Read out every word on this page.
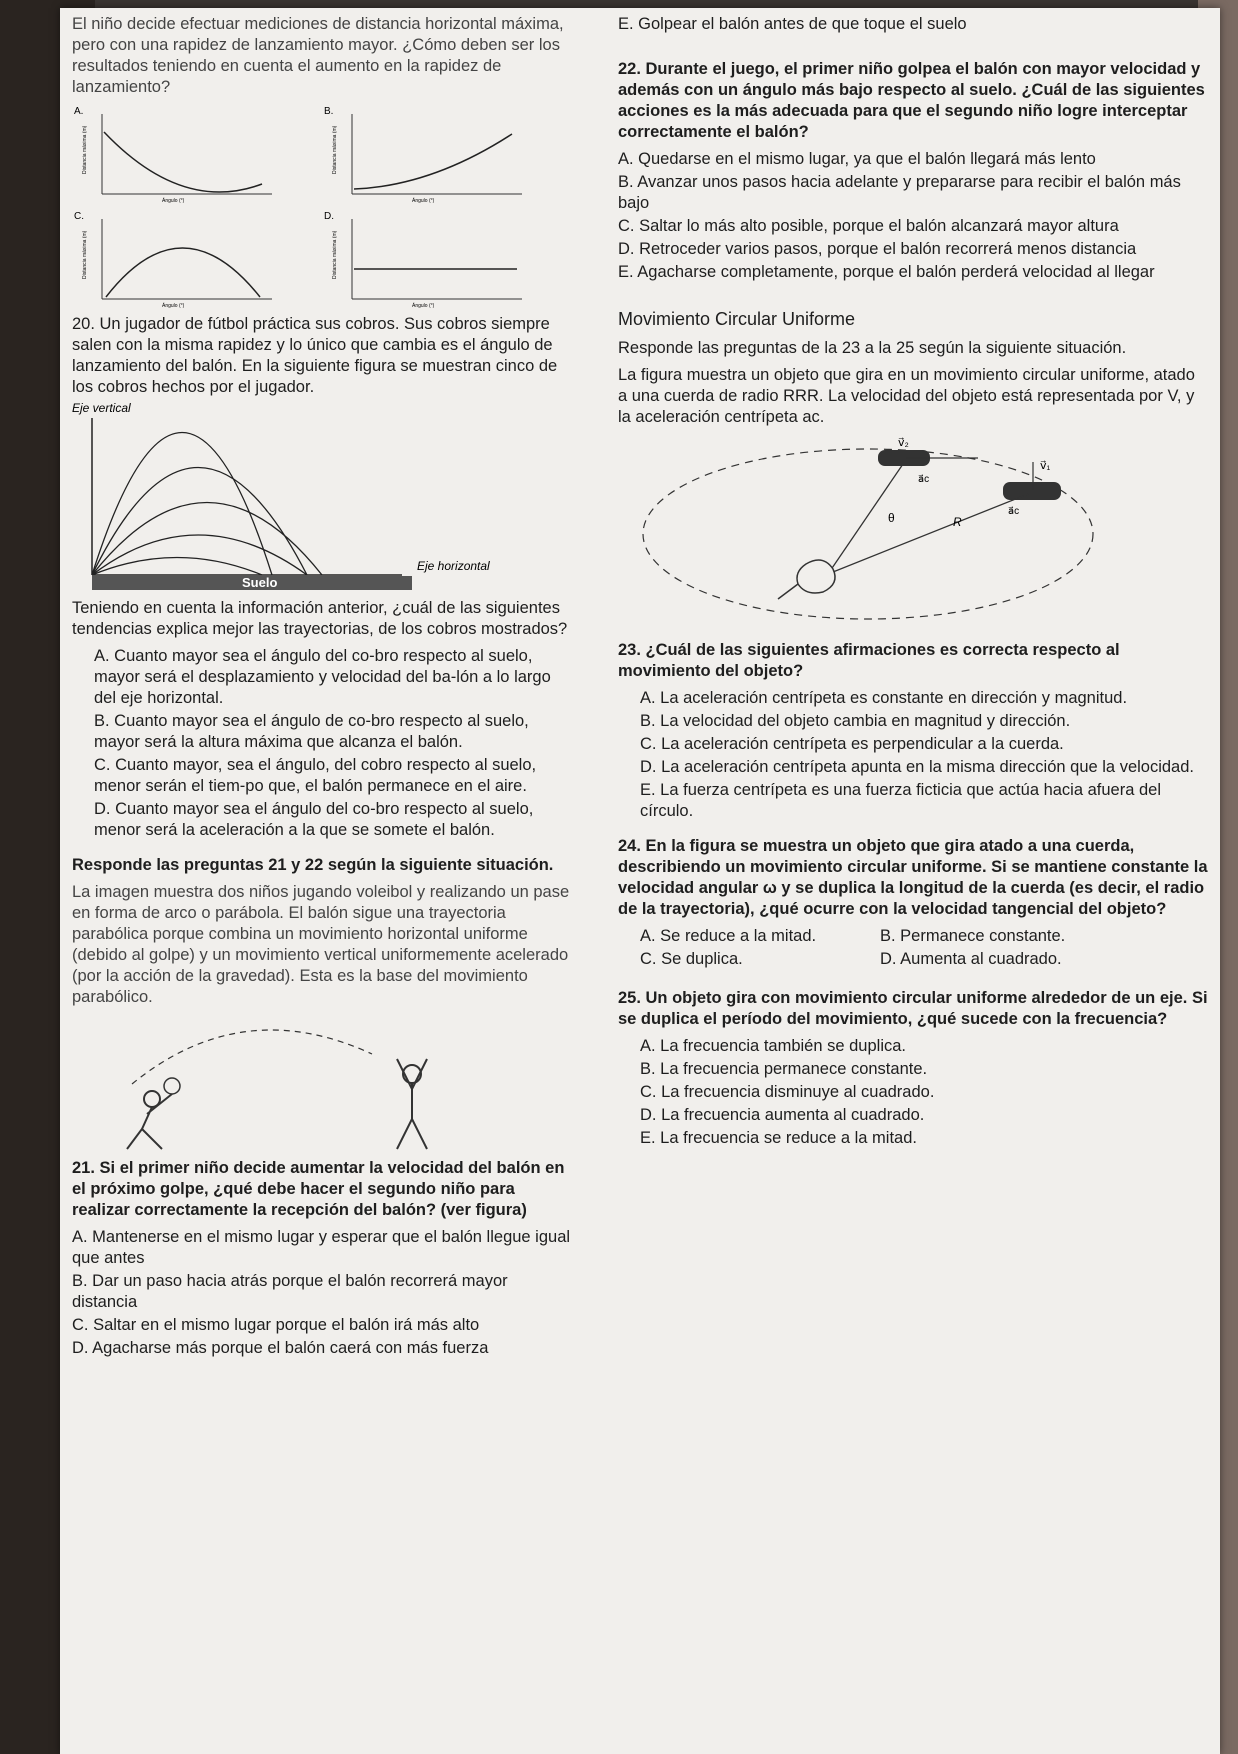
El niño decide efectuar mediciones de distancia horizontal máxima, pero con una rapidez de lanzamiento mayor. ¿Cómo deben ser los resultados teniendo en cuenta el aumento en la rapidez de lanzamiento?

A.
Distancia máxima (m)
Ángulo (°)
B.
Distancia máxima (m)
Ángulo (°)
C.
Distancia máxima (m)
Ángulo (°)
D.
Distancia máxima (m)
Ángulo (°)

20. Un jugador de fútbol práctica sus cobros. Sus cobros siempre salen con la misma rapidez y lo único que cambia es el ángulo de lanzamiento del balón. En la siguiente figura se muestran cinco de los cobros hechos por el jugador.

Eje vertical
Suelo
Eje horizontal

Teniendo en cuenta la información anterior, ¿cuál de las siguientes tendencias explica mejor las trayectorias, de los cobros mostrados?

A. Cuanto mayor sea el ángulo del co-bro respecto al suelo, mayor será el desplazamiento y velocidad del ba-lón a lo largo del eje horizontal.

B. Cuanto mayor sea el ángulo de co-bro respecto al suelo, mayor será la altura máxima que alcanza el balón.

C. Cuanto mayor, sea el ángulo, del cobro respecto al suelo, menor serán el tiem-po que, el balón permanece en el aire.

D. Cuanto mayor sea el ángulo del co-bro respecto al suelo, menor será la aceleración a la que se somete el balón.

Responde las preguntas 21 y 22 según la siguiente situación.

La imagen muestra dos niños jugando voleibol y realizando un pase en forma de arco o parábola. El balón sigue una trayectoria parabólica porque combina un movimiento horizontal uniforme (debido al golpe) y un movimiento vertical uniformemente acelerado (por la acción de la gravedad). Esta es la base del movimiento parabólico.

21. Si el primer niño decide aumentar la velocidad del balón en el próximo golpe, ¿qué debe hacer el segundo niño para realizar correctamente la recepción del balón? (ver figura)

A. Mantenerse en el mismo lugar y esperar que el balón llegue igual que antes

B. Dar un paso hacia atrás porque el balón recorrerá mayor distancia

C. Saltar en el mismo lugar porque el balón irá más alto

D. Agacharse más porque el balón caerá con más fuerza

E. Golpear el balón antes de que toque el suelo

22. Durante el juego, el primer niño golpea el balón con mayor velocidad y además con un ángulo más bajo respecto al suelo. ¿Cuál de las siguientes acciones es la más adecuada para que el segundo niño logre interceptar correctamente el balón?

A. Quedarse en el mismo lugar, ya que el balón llegará más lento

B. Avanzar unos pasos hacia adelante y prepararse para recibir el balón más bajo

C. Saltar lo más alto posible, porque el balón alcanzará mayor altura

D. Retroceder varios pasos, porque el balón recorrerá menos distancia

E. Agacharse completamente, porque el balón perderá velocidad al llegar

Movimiento Circular Uniforme

Responde las preguntas de la 23 a la 25 según la siguiente situación.

La figura muestra un objeto que gira en un movimiento circular uniforme, atado a una cuerda de radio RRR. La velocidad del objeto está representada por V, y la aceleración centrípeta ac.

v⃗₂
v⃗₁
a⃗c
a⃗c
θ	R

23. ¿Cuál de las siguientes afirmaciones es correcta respecto al movimiento del objeto?

A. La aceleración centrípeta es constante en dirección y magnitud.

B. La velocidad del objeto cambia en magnitud y dirección.

C. La aceleración centrípeta es perpendicular a la cuerda.

D. La aceleración centrípeta apunta en la misma dirección que la velocidad.

E. La fuerza centrípeta es una fuerza ficticia que actúa hacia afuera del círculo.

24. En la figura se muestra un objeto que gira atado a una cuerda, describiendo un movimiento circular uniforme. Si se mantiene constante la velocidad angular ω y se duplica la longitud de la cuerda (es decir, el radio de la trayectoria), ¿qué ocurre con la velocidad tangencial del objeto?

A. Se reduce a la mitad.	B. Permanece constante.

C. Se duplica.	D. Aumenta al cuadrado.

25. Un objeto gira con movimiento circular uniforme alrededor de un eje. Si se duplica el período del movimiento, ¿qué sucede con la frecuencia?

A. La frecuencia también se duplica.

B. La frecuencia permanece constante.

C. La frecuencia disminuye al cuadrado.

D. La frecuencia aumenta al cuadrado.

E. La frecuencia se reduce a la mitad.
